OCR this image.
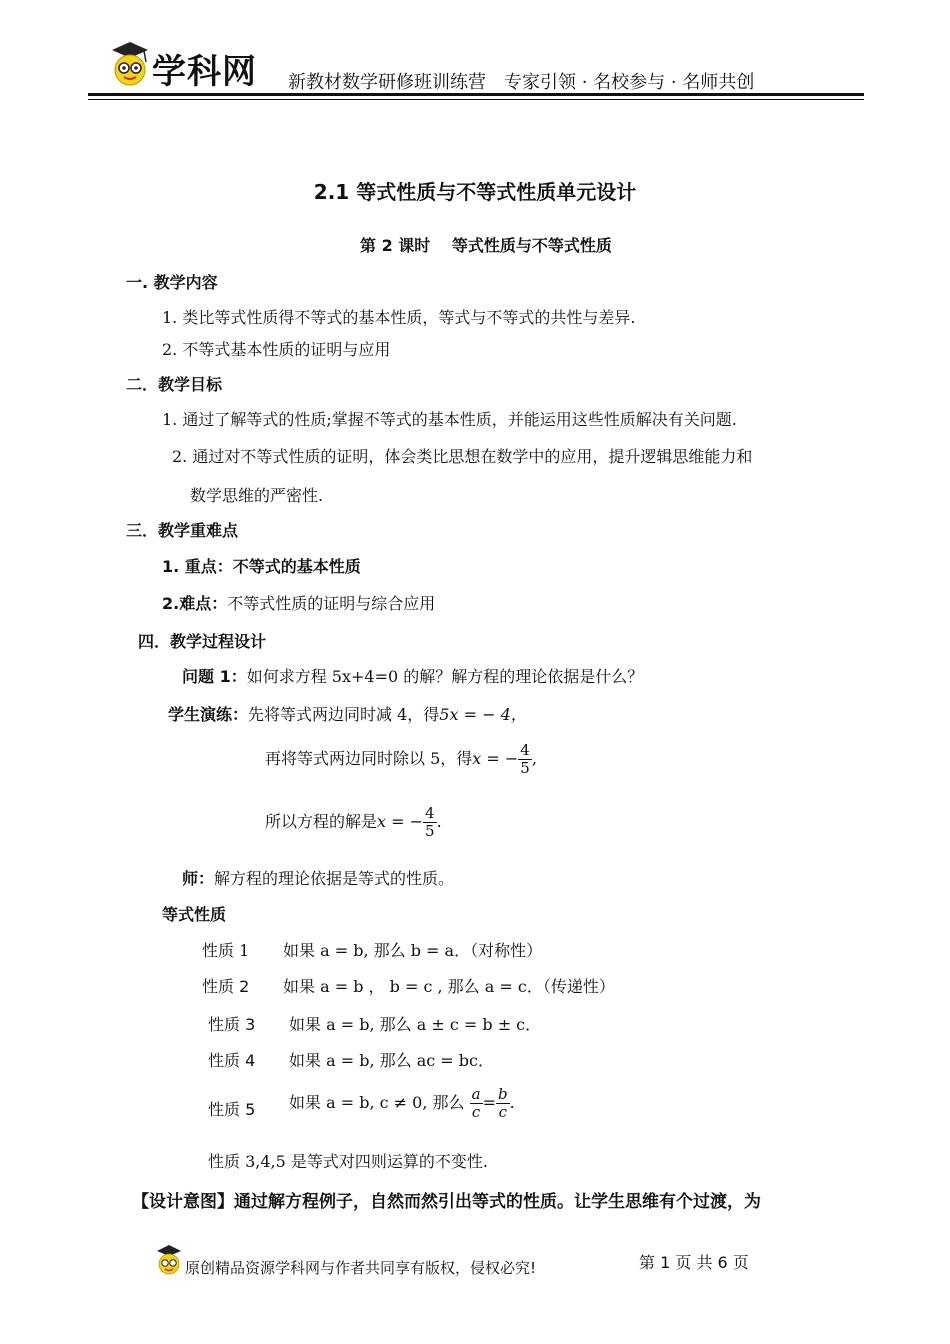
学科网 新教材数学研修班训练营　专家引领 · 名校参与 · 名师共创
2.1 等式性质与不等式性质单元设计
第 2 课时　 等式性质与不等式性质
一. 教学内容
1. 类比等式性质得不等式的基本性质，等式与不等式的共性与差异.
2. 不等式基本性质的证明与应用
二．教学目标
1. 通过了解等式的性质;掌握不等式的基本性质，并能运用这些性质解决有关问题.
2. 通过对不等式性质的证明，体会类比思想在数学中的应用，提升逻辑思维能力和
数学思维的严密性.
三．教学重难点
1. 重点：不等式的基本性质
2.难点：不等式性质的证明与综合应用
四．教学过程设计
问题 1：如何求方程 5x+4=0 的解？解方程的理论依据是什么？
学生演练：先将等式两边同时减 4，得5x = − 4，
再将等式两边同时除以 5，得x = − $\frac{4}{5}$ ,
所以方程的解是x = − $\frac{4}{5}$ .
师：解方程的理论依据是等式的性质。
等式性质
性质 1 如果 a = b, 那么 b = a．（对称性）
性质 2 如果 a = b ， b = c , 那么 a = c．（传递性）
性质 3 如果 a = b, 那么 a ± c = b ± c．
性质 4 如果 a = b, 那么 ac = bc．
性质 5 如果 a = b, c ≠ 0, 那么 $\frac{a}{c} = \frac{b}{c}$ .
性质 3,4,5 是等式对四则运算的不变性.
【设计意图】通过解方程例子，自然而然引出等式的性质。让学生思维有个过渡，为
原创精品资源学科网与作者共同享有版权，侵权必究!	第 1 页 共 6 页
